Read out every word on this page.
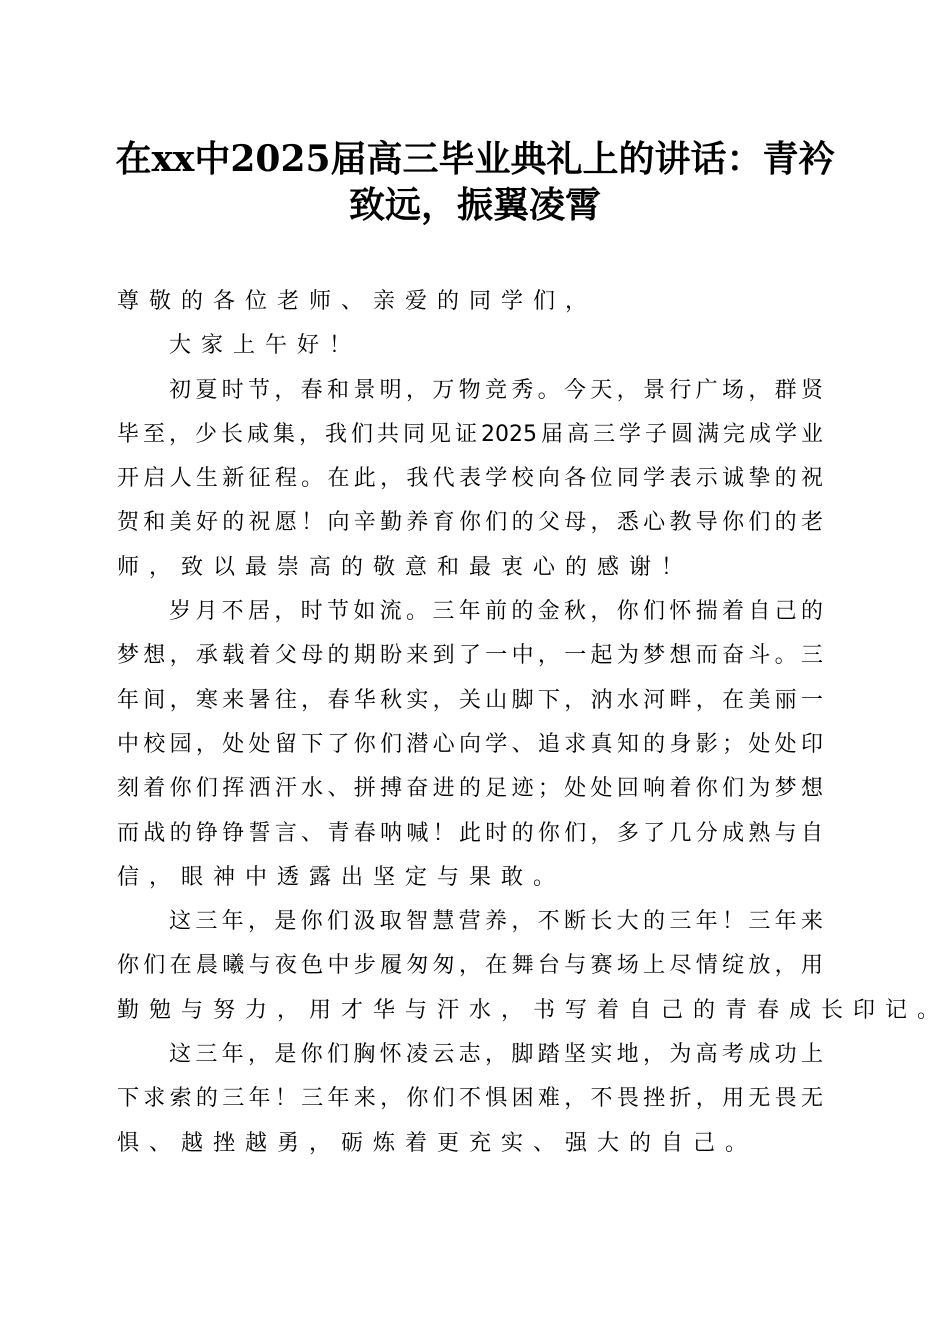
在xx中2025届高三毕业典礼上的讲话：青衿
致远，振翼凌霄
尊敬的各位老师、亲爱的同学们，
大家上午好！
初夏时节，春和景明，万物竞秀。今天，景行广场，群贤
毕至，少长咸集，我们共同见证2025届高三学子圆满完成学业
开启人生新征程。在此，我代表学校向各位同学表示诚挚的祝
贺和美好的祝愿！向辛勤养育你们的父母，悉心教导你们的老
师，致以最崇高的敬意和最衷心的感谢！
岁月不居，时节如流。三年前的金秋，你们怀揣着自己的
梦想，承载着父母的期盼来到了一中，一起为梦想而奋斗。三
年间，寒来暑往，春华秋实，关山脚下，汭水河畔，在美丽一
中校园，处处留下了你们潜心向学、追求真知的身影；处处印
刻着你们挥洒汗水、拼搏奋进的足迹；处处回响着你们为梦想
而战的铮铮誓言、青春呐喊！此时的你们，多了几分成熟与自
信，眼神中透露出坚定与果敢。
这三年，是你们汲取智慧营养，不断长大的三年！三年来
你们在晨曦与夜色中步履匆匆，在舞台与赛场上尽情绽放，用
勤勉与努力，用才华与汗水，书写着自己的青春成长印记。
这三年，是你们胸怀凌云志，脚踏坚实地，为高考成功上
下求索的三年！三年来，你们不惧困难，不畏挫折，用无畏无
惧、越挫越勇，砺炼着更充实、强大的自己。
